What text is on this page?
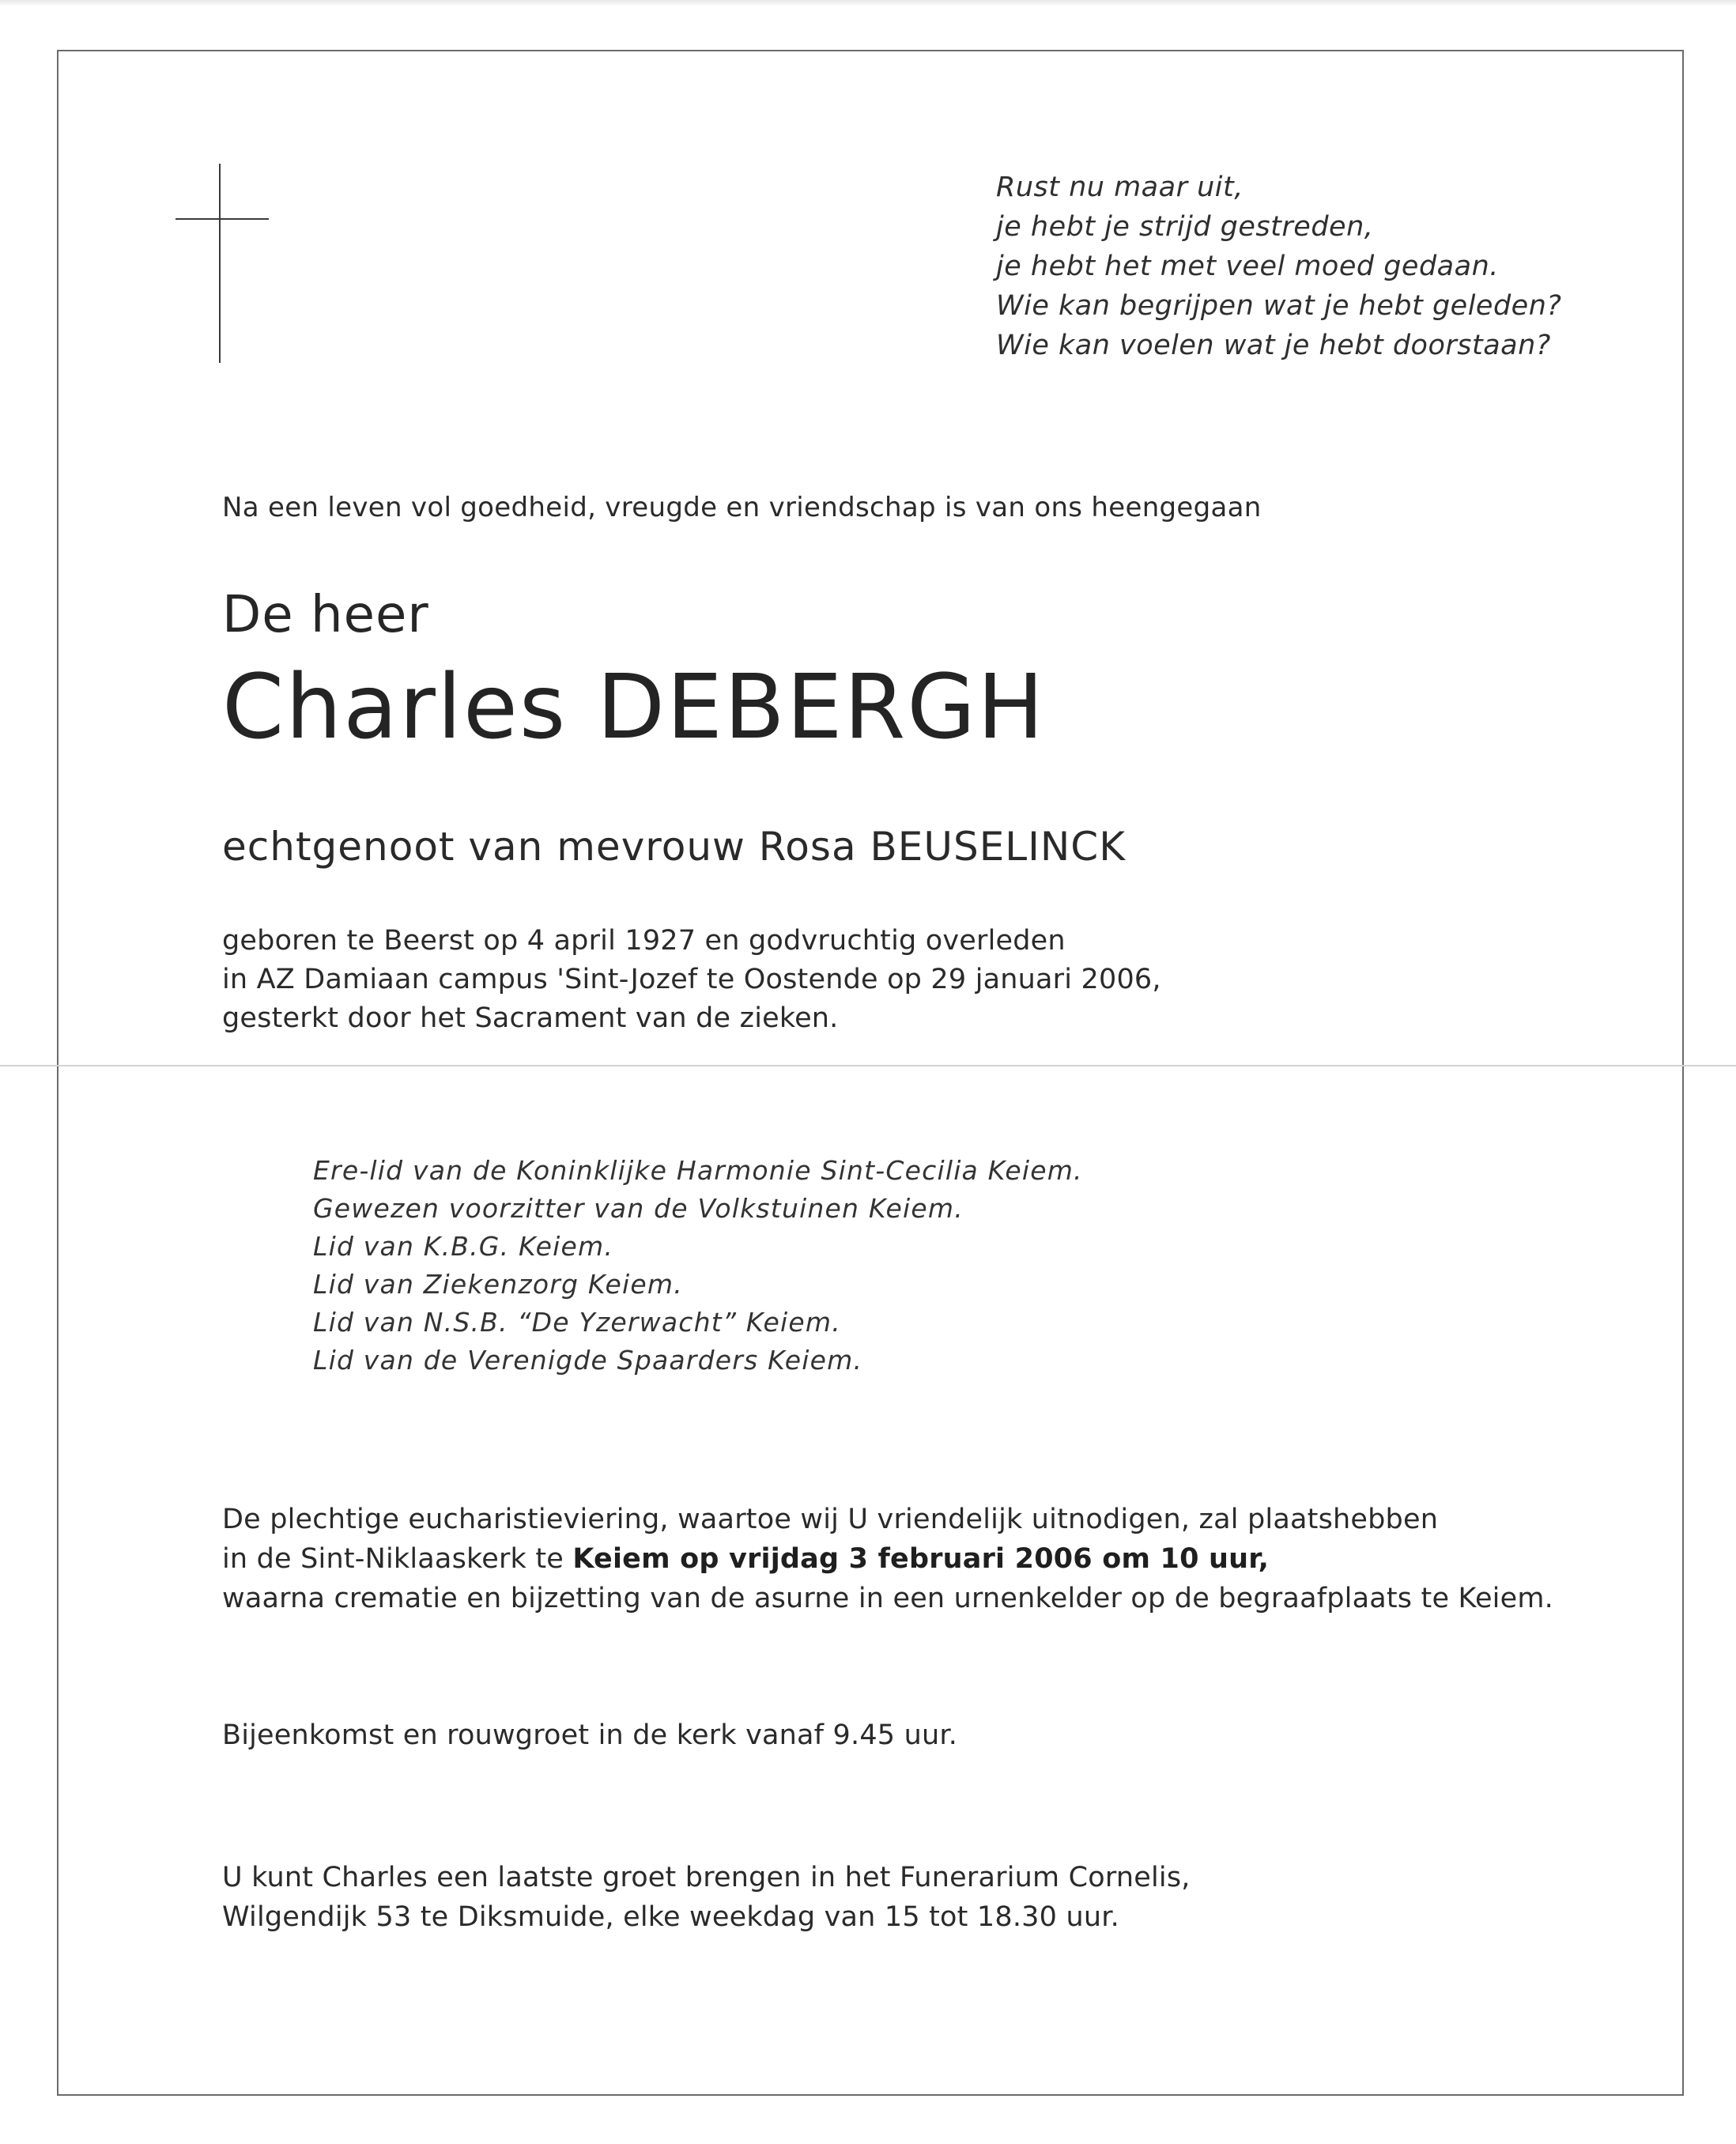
Rust nu maar uit,
je hebt je strijd gestreden,
je hebt het met veel moed gedaan.
Wie kan begrijpen wat je hebt geleden?
Wie kan voelen wat je hebt doorstaan?
Na een leven vol goedheid, vreugde en vriendschap is van ons heengegaan
De heer
Charles DEBERGH
echtgenoot van mevrouw Rosa BEUSELINCK
geboren te Beerst op 4 april 1927 en godvruchtig overleden
in AZ Damiaan campus 'Sint-Jozef te Oostende op 29 januari 2006,
gesterkt door het Sacrament van de zieken.
Ere-lid van de Koninklijke Harmonie Sint-Cecilia Keiem.
Gewezen voorzitter van de Volkstuinen Keiem.
Lid van K.B.G. Keiem.
Lid van Ziekenzorg Keiem.
Lid van N.S.B. “De Yzerwacht” Keiem.
Lid van de Verenigde Spaarders Keiem.
De plechtige eucharistieviering, waartoe wij U vriendelijk uitnodigen, zal plaatshebben
in de Sint-Niklaaskerk te Keiem op vrijdag 3 februari 2006 om 10 uur,
waarna crematie en bijzetting van de asurne in een urnenkelder op de begraafplaats te Keiem.
Bijeenkomst en rouwgroet in de kerk vanaf 9.45 uur.
U kunt Charles een laatste groet brengen in het Funerarium Cornelis,
Wilgendijk 53 te Diksmuide, elke weekdag van 15 tot 18.30 uur.
